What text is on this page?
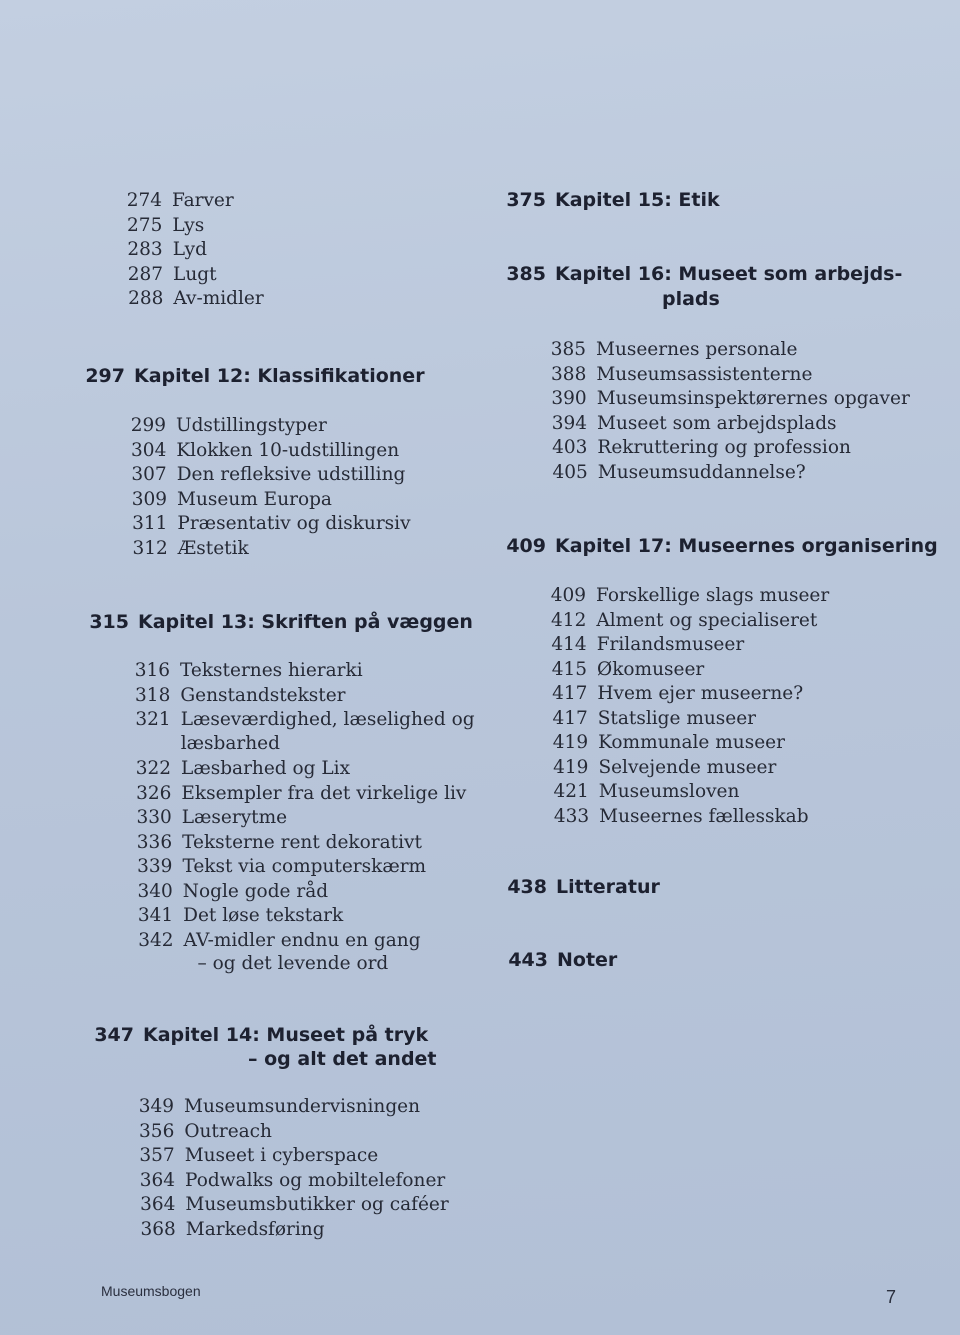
274 Farver
275 Lys
283 Lyd
287 Lugt
288 Av-midler
297 Kapitel 12: Klassifikationer
299 Udstillingstyper
304 Klokken 10-udstillingen
307 Den refleksive udstilling
309 Museum Europa
311 Præsentativ og diskursiv
312 Æstetik
315 Kapitel 13: Skriften på væggen
316 Teksternes hierarki
318 Genstandstekster
321 Læseværdighed, læselighed og
læsbarhed
322 Læsbarhed og Lix
326 Eksempler fra det virkelige liv
330 Læserytme
336 Teksterne rent dekorativt
339 Tekst via computerskærm
340 Nogle gode råd
341 Det løse tekstark
342 AV-midler endnu en gang
– og det levende ord
347 Kapitel 14: Museet på tryk
– og alt det andet
349 Museumsundervisningen
356 Outreach
357 Museet i cyberspace
364 Podwalks og mobiltelefoner
364 Museumsbutikker og caféer
368 Markedsføring
375 Kapitel 15: Etik
385 Kapitel 16: Museet som arbejds-
plads
385 Museernes personale
388 Museumsassistenterne
390 Museumsinspektørernes opgaver
394 Museet som arbejdsplads
403 Rekruttering og profession
405 Museumsuddannelse?
409 Kapitel 17: Museernes organisering
409 Forskellige slags museer
412 Alment og specialiseret
414 Frilandsmuseer
415 Økomuseer
417 Hvem ejer museerne?
417 Statslige museer
419 Kommunale museer
419 Selvejende museer
421 Museumsloven
433 Museernes fællesskab
438 Litteratur
443 Noter
Museumsbogen	7
